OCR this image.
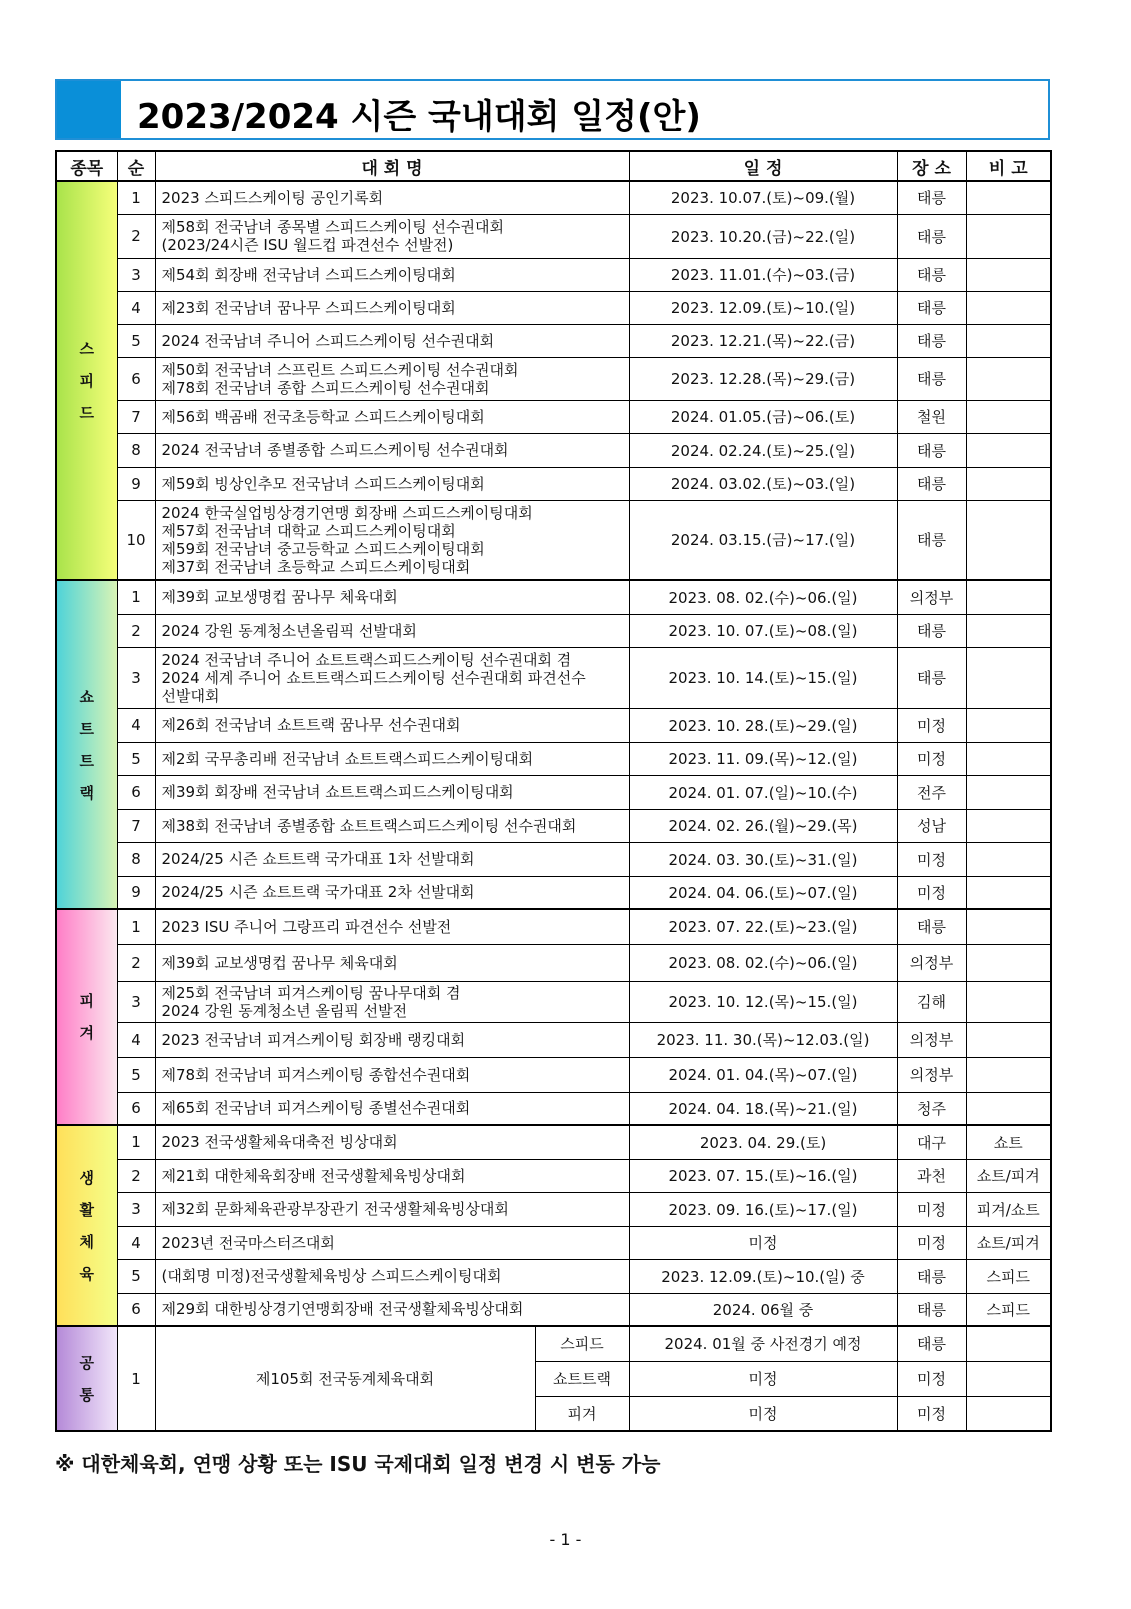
2023/2024 시즌 국내대회 일정(안)
종목	순	대 회 명		일 정	장 소	비 고
스피드	1	2023 스피드스케이팅 공인기록회		2023. 10.07.(토)~09.(월)	태릉	
	2	제58회 전국남녀 종목별 스피드스케이팅 선수권대회
(2023/24시즌 ISU 월드컵 파견선수 선발전)		2023. 10.20.(금)~22.(일)	태릉	
	3	제54회 회장배 전국남녀 스피드스케이팅대회		2023. 11.01.(수)~03.(금)	태릉	
	4	제23회 전국남녀 꿈나무 스피드스케이팅대회		2023. 12.09.(토)~10.(일)	태릉	
	5	2024 전국남녀 주니어 스피드스케이팅 선수권대회		2023. 12.21.(목)~22.(금)	태릉	
	6	제50회 전국남녀 스프린트 스피드스케이팅 선수권대회
제78회 전국남녀 종합 스피드스케이팅 선수권대회		2023. 12.28.(목)~29.(금)	태릉	
	7	제56회 백곰배 전국초등학교 스피드스케이팅대회		2024. 01.05.(금)~06.(토)	철원	
	8	2024 전국남녀 종별종합 스피드스케이팅 선수권대회		2024. 02.24.(토)~25.(일)	태릉	
	9	제59회 빙상인추모 전국남녀 스피드스케이팅대회		2024. 03.02.(토)~03.(일)	태릉	
	10	2024 한국실업빙상경기연맹 회장배 스피드스케이팅대회
제57회 전국남녀 대학교 스피드스케이팅대회
제59회 전국남녀 중고등학교 스피드스케이팅대회
제37회 전국남녀 초등학교 스피드스케이팅대회		2024. 03.15.(금)~17.(일)	태릉	
쇼트트랙	1	제39회 교보생명컵 꿈나무 체육대회		2023. 08. 02.(수)~06.(일)	의정부	
	2	2024 강원 동계청소년올림픽 선발대회		2023. 10. 07.(토)~08.(일)	태릉	
	3	2024 전국남녀 주니어 쇼트트랙스피드스케이팅 선수권대회 겸
2024 세계 주니어 쇼트트랙스피드스케이팅 선수권대회 파견선수
선발대회		2023. 10. 14.(토)~15.(일)	태릉	
	4	제26회 전국남녀 쇼트트랙 꿈나무 선수권대회		2023. 10. 28.(토)~29.(일)	미정	
	5	제2회 국무총리배 전국남녀 쇼트트랙스피드스케이팅대회		2023. 11. 09.(목)~12.(일)	미정	
	6	제39회 회장배 전국남녀 쇼트트랙스피드스케이팅대회		2024. 01. 07.(일)~10.(수)	전주	
	7	제38회 전국남녀 종별종합 쇼트트랙스피드스케이팅 선수권대회		2024. 02. 26.(월)~29.(목)	성남	
	8	2024/25 시즌 쇼트트랙 국가대표 1차 선발대회		2024. 03. 30.(토)~31.(일)	미정	
	9	2024/25 시즌 쇼트트랙 국가대표 2차 선발대회		2024. 04. 06.(토)~07.(일)	미정	
피겨	1	2023 ISU 주니어 그랑프리 파견선수 선발전		2023. 07. 22.(토)~23.(일)	태릉	
	2	제39회 교보생명컵 꿈나무 체육대회		2023. 08. 02.(수)~06.(일)	의정부	
	3	제25회 전국남녀 피겨스케이팅 꿈나무대회 겸
2024 강원 동계청소년 올림픽 선발전		2023. 10. 12.(목)~15.(일)	김해	
	4	2023 전국남녀 피겨스케이팅 회장배 랭킹대회		2023. 11. 30.(목)~12.03.(일)	의정부	
	5	제78회 전국남녀 피겨스케이팅 종합선수권대회		2024. 01. 04.(목)~07.(일)	의정부	
	6	제65회 전국남녀 피겨스케이팅 종별선수권대회		2024. 04. 18.(목)~21.(일)	청주	
생활체육	1	2023 전국생활체육대축전 빙상대회		2023. 04. 29.(토)	대구	쇼트
	2	제21회 대한체육회장배 전국생활체육빙상대회		2023. 07. 15.(토)~16.(일)	과천	쇼트/피겨
	3	제32회 문화체육관광부장관기 전국생활체육빙상대회		2023. 09. 16.(토)~17.(일)	미정	피겨/쇼트
	4	2023년 전국마스터즈대회		미정	미정	쇼트/피겨
	5	(대회명 미정)전국생활체육빙상 스피드스케이팅대회		2023. 12.09.(토)~10.(일) 중	태릉	스피드
	6	제29회 대한빙상경기연맹회장배 전국생활체육빙상대회		2024. 06월 중	태릉	스피드
공통	1	제105회 전국동계체육대회	스피드	2024. 01월 중 사전경기 예정	태릉	
			쇼트트랙	미정	미정	
			피겨	미정	미정	
※ 대한체육회, 연맹 상황 또는 ISU 국제대회 일정 변경 시 변동 가능
- 1 -
